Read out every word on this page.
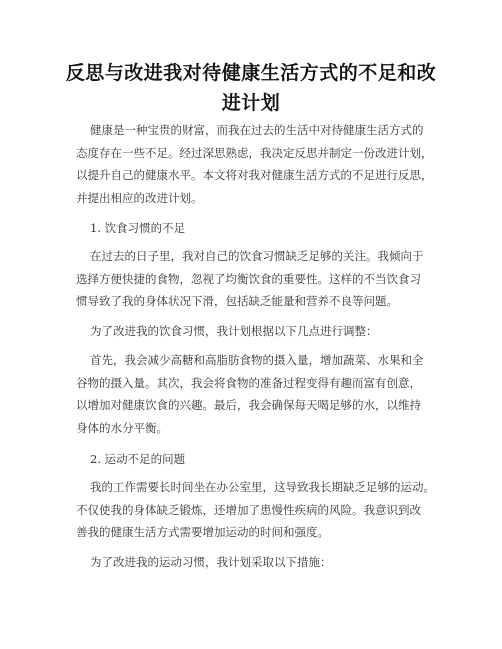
反思与改进我对待健康生活方式的不足和改
进计划

健康是一种宝贵的财富，而我在过去的生活中对待健康生活方式的
态度存在一些不足。经过深思熟虑，我决定反思并制定一份改进计划，
以提升自己的健康水平。本文将对我对健康生活方式的不足进行反思，
并提出相应的改进计划。

1. 饮食习惯的不足

在过去的日子里，我对自己的饮食习惯缺乏足够的关注。我倾向于
选择方便快捷的食物，忽视了均衡饮食的重要性。这样的不当饮食习
惯导致了我的身体状况下滑，包括缺乏能量和营养不良等问题。

为了改进我的饮食习惯，我计划根据以下几点进行调整：

首先，我会减少高糖和高脂肪食物的摄入量，增加蔬菜、水果和全
谷物的摄入量。其次，我会将食物的准备过程变得有趣而富有创意，
以增加对健康饮食的兴趣。最后，我会确保每天喝足够的水，以维持
身体的水分平衡。

2. 运动不足的问题

我的工作需要长时间坐在办公室里，这导致我长期缺乏足够的运动。
不仅使我的身体缺乏锻炼，还增加了患慢性疾病的风险。我意识到改
善我的健康生活方式需要增加运动的时间和强度。

为了改进我的运动习惯，我计划采取以下措施：
